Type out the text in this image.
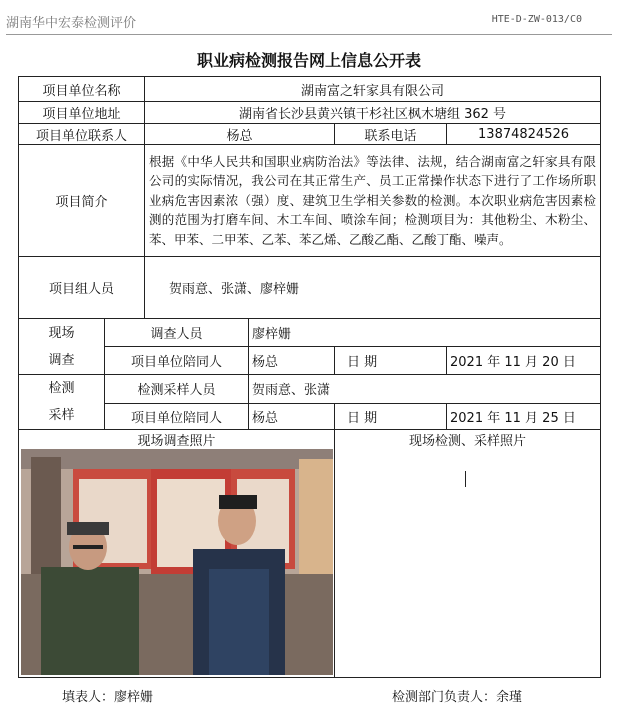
湖南华中宏泰检测评价	HTE-D-ZW-013/C0
职业病检测报告网上信息公开表
项目单位名称		湖南富之轩家具有限公司			
项目单位地址		湖南省长沙县黄兴镇干杉社区枫木塘组 362 号			
项目单位联系人		杨总		联系电话	13874824526
项目简介		根据《中华人民共和国职业病防治法》等法律、法规，结合湖南富之轩家具有限公司的实际情况，我公司在其正常生产、员工正常操作状态下进行了工作场所职业病危害因素浓（强）度、建筑卫生学相关参数的检测。本次职业病危害因素检测的范围为打磨车间、木工车间、喷涂车间；检测项目为：其他粉尘、木粉尘、苯、甲苯、二甲苯、乙苯、苯乙烯、乙酸乙酯、乙酸丁酯、噪声。			
项目组人员		贺雨意、张潇、廖梓姗			
现场
调查	调查人员		廖梓姗		
	项目单位陪同人		杨总	日 期	2021 年 11 月 20 日
检测
采样	检测采样人员		贺雨意、张潇		
	项目单位陪同人		杨总	日 期	2021 年 11 月 25 日
现场调查照片				现场检测、采样照片	

填表人：廖梓姗	检测部门负责人：余瑾
